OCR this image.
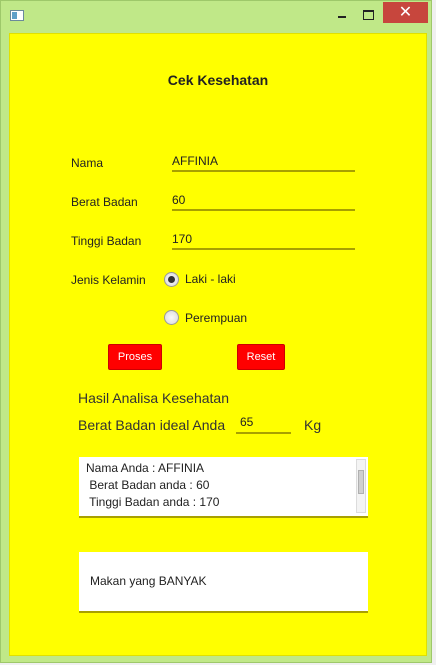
✕
Cek Kesehatan
Nama	AFFINIA
Berat Badan	60
Tinggi Badan	170
Jenis Kelamin	Laki - laki
Perempuan
Proses	Reset
Hasil Analisa Kesehatan
Berat Badan ideal Anda	65	Kg
Nama Anda : AFFINIA
Berat Badan anda : 60
Tinggi Badan anda : 170
Makan yang BANYAK
